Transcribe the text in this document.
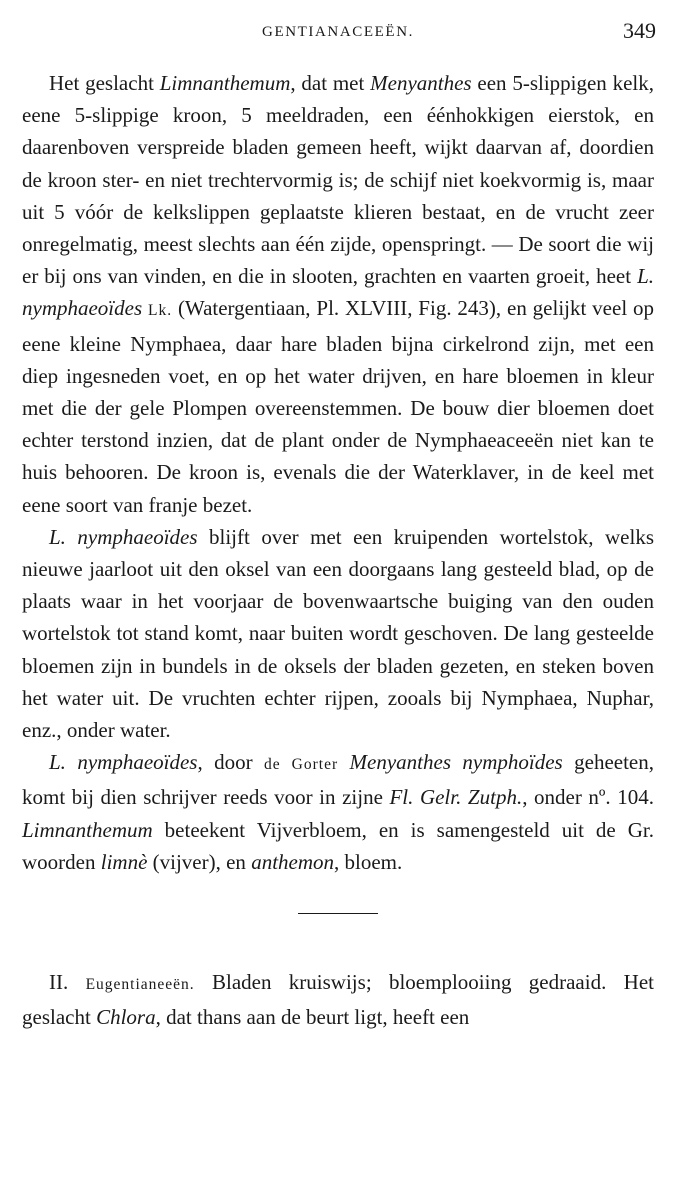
GENTIANACEEËN.	349

Het geslacht Limnanthemum, dat met Menyanthes een 5-slippigen kelk, eene 5-slippige kroon, 5 meeldraden, een éénhokkigen eierstok, en daarenboven verspreide bladen gemeen heeft, wijkt daarvan af, doordien de kroon ster- en niet trechtervormig is; de schijf niet koekvormig is, maar uit 5 vóór de kelkslippen geplaatste klieren bestaat, en de vrucht zeer onregelmatig, meest slechts aan één zijde, openspringt. — De soort die wij er bij ons van vinden, en die in slooten, grachten en vaarten groeit, heet L. nymphaeoïdes Lk. (Watergentiaan, Pl. XLVIII, Fig. 243), en gelijkt veel op eene kleine Nymphaea, daar hare bladen bijna cirkelrond zijn, met een diep ingesneden voet, en op het water drijven, en hare bloemen in kleur met die der gele Plompen overeenstemmen. De bouw dier bloemen doet echter terstond inzien, dat de plant onder de Nymphaeaceeën niet kan te huis behooren. De kroon is, evenals die der Waterklaver, in de keel met eene soort van franje bezet.

L. nymphaeoïdes blijft over met een kruipenden wortelstok, welks nieuwe jaarloot uit den oksel van een doorgaans lang gesteeld blad, op de plaats waar in het voorjaar de bovenwaartsche buiging van den ouden wortelstok tot stand komt, naar buiten wordt geschoven. De lang gesteelde bloemen zijn in bundels in de oksels der bladen gezeten, en steken boven het water uit. De vruchten echter rijpen, zooals bij Nymphaea, Nuphar, enz., onder water.

L. nymphaeoïdes, door de Gorter Menyanthes nymphoïdes geheeten, komt bij dien schrijver reeds voor in zijne Fl. Gelr. Zutph., onder nº. 104. Limnanthemum beteekent Vijverbloem, en is samengesteld uit de Gr. woorden limnè (vijver), en anthemon, bloem.

II. Eugentianeeën. Bladen kruiswijs; bloemplooiing gedraaid. Het geslacht Chlora, dat thans aan de beurt ligt, heeft een
